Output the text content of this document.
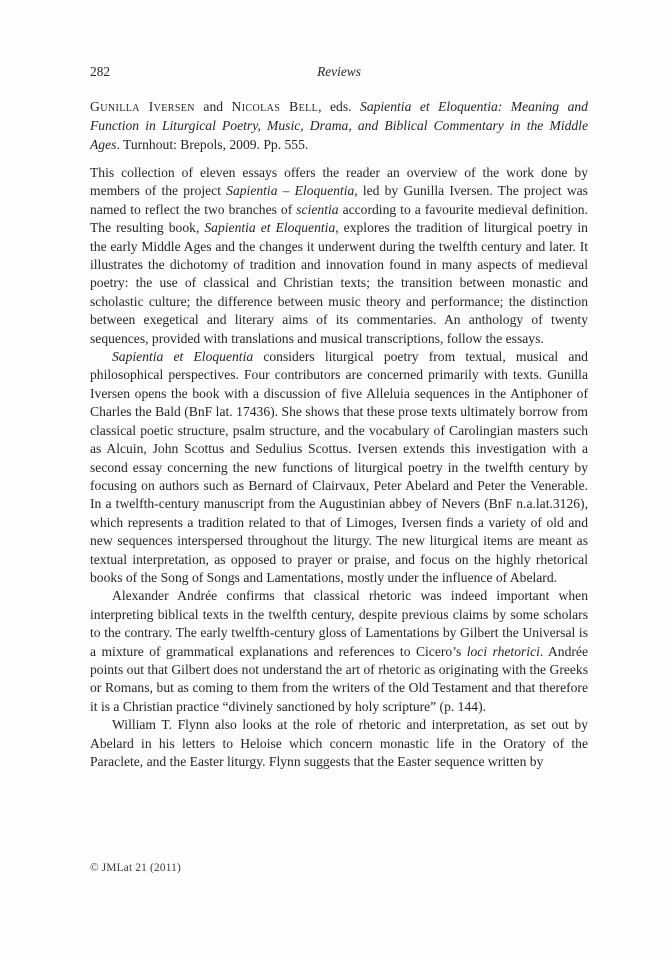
282	Reviews

Gunilla Iversen and Nicolas Bell, eds. Sapientia et Eloquentia: Meaning and Function in Liturgical Poetry, Music, Drama, and Biblical Commentary in the Middle Ages. Turnhout: Brepols, 2009. Pp. 555.

This collection of eleven essays offers the reader an overview of the work done by members of the project Sapientia – Eloquentia, led by Gunilla Iversen. The project was named to reflect the two branches of scientia according to a favourite medieval definition. The resulting book, Sapientia et Eloquentia, explores the tradition of liturgical poetry in the early Middle Ages and the changes it underwent during the twelfth century and later. It illustrates the dichotomy of tradition and innovation found in many aspects of medieval poetry: the use of classical and Christian texts; the transition between monastic and scholastic culture; the difference between music theory and performance; the distinction between exegetical and literary aims of its commentaries. An anthology of twenty sequences, provided with translations and musical transcriptions, follow the essays.

Sapientia et Eloquentia considers liturgical poetry from textual, musical and philosophical perspectives. Four contributors are concerned primarily with texts. Gunilla Iversen opens the book with a discussion of five Alleluia sequences in the Antiphoner of Charles the Bald (BnF lat. 17436). She shows that these prose texts ultimately borrow from classical poetic structure, psalm structure, and the vocabulary of Carolingian masters such as Alcuin, John Scottus and Sedulius Scottus. Iversen extends this investigation with a second essay concerning the new functions of liturgical poetry in the twelfth century by focusing on authors such as Bernard of Clairvaux, Peter Abelard and Peter the Venerable. In a twelfth-century manuscript from the Augustinian abbey of Nevers (BnF n.a.lat.3126), which represents a tradition related to that of Limoges, Iversen finds a variety of old and new sequences interspersed throughout the liturgy. The new liturgical items are meant as textual interpretation, as opposed to prayer or praise, and focus on the highly rhetorical books of the Song of Songs and Lamentations, mostly under the influence of Abelard.

Alexander Andrée confirms that classical rhetoric was indeed important when interpreting biblical texts in the twelfth century, despite previous claims by some scholars to the contrary. The early twelfth-century gloss of Lamentations by Gilbert the Universal is a mixture of grammatical explanations and references to Cicero’s loci rhetorici. Andrée points out that Gilbert does not understand the art of rhetoric as originating with the Greeks or Romans, but as coming to them from the writers of the Old Testament and that therefore it is a Christian practice “divinely sanctioned by holy scripture” (p. 144).

William T. Flynn also looks at the role of rhetoric and interpretation, as set out by Abelard in his letters to Heloise which concern monastic life in the Oratory of the Paraclete, and the Easter liturgy. Flynn suggests that the Easter sequence written by

© JMLat 21 (2011)
